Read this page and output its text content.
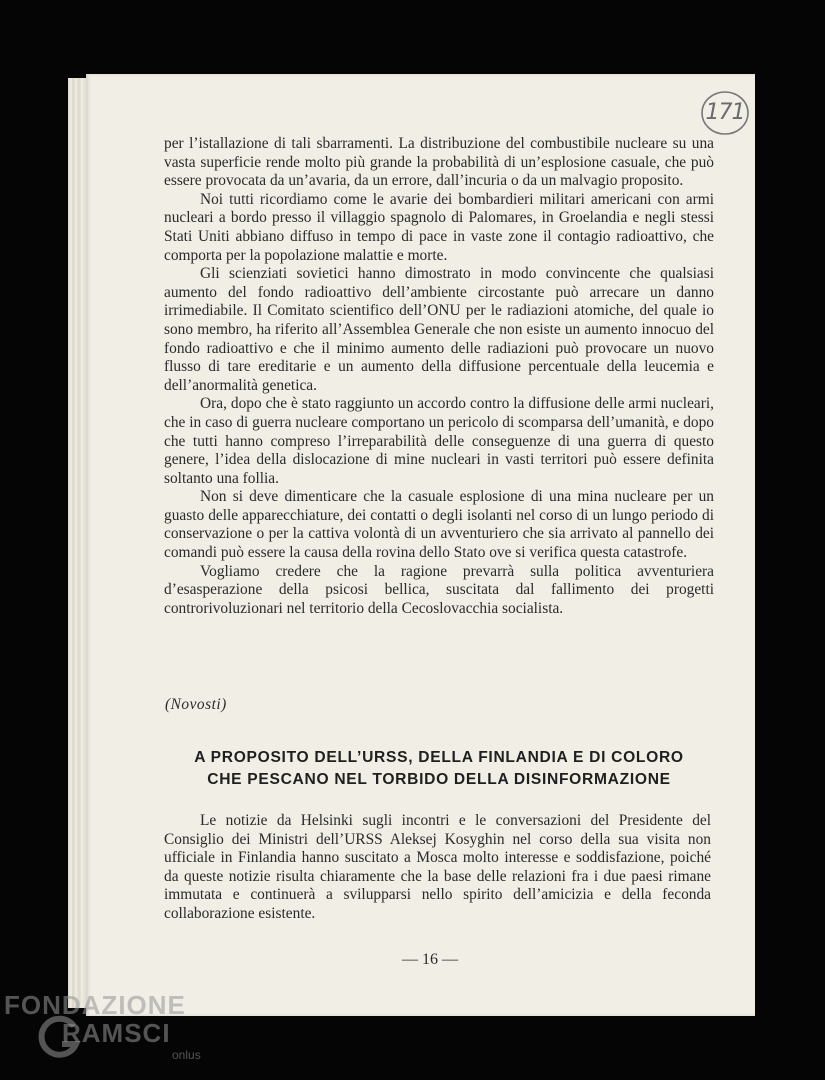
171

per l’istallazione di tali sbarramenti. La distribuzione del combustibile nucleare su una vasta superficie rende molto più grande la probabilità di un’esplosione casuale, che può essere provocata da un’avaria, da un errore, dall’incuria o da un malvagio proposito.

Noi tutti ricordiamo come le avarie dei bombardieri militari americani con armi nucleari a bordo presso il villaggio spagnolo di Palomares, in Groelandia e negli stessi Stati Uniti abbiano diffuso in tempo di pace in vaste zone il contagio radioattivo, che comporta per la popolazione malattie e morte.

Gli scienziati sovietici hanno dimostrato in modo convincente che qualsiasi aumento del fondo radioattivo dell’ambiente circostante può arrecare un danno irrimediabile. Il Comitato scientifico dell’ONU per le radiazioni atomiche, del quale io sono membro, ha riferito all’Assemblea Generale che non esiste un aumento innocuo del fondo radioattivo e che il minimo aumento delle radiazioni può provocare un nuovo flusso di tare ereditarie e un aumento della diffusione percentuale della leucemia e dell’anormalità genetica.

Ora, dopo che è stato raggiunto un accordo contro la diffusione delle armi nucleari, che in caso di guerra nucleare comportano un pericolo di scomparsa dell’umanità, e dopo che tutti hanno compreso l’irreparabilità delle conseguenze di una guerra di questo genere, l’idea della dislocazione di mine nucleari in vasti territori può essere definita soltanto una follia.

Non si deve dimenticare che la casuale esplosione di una mina nucleare per un guasto delle apparecchiature, dei contatti o degli isolanti nel corso di un lungo periodo di conservazione o per la cattiva volontà di un avventuriero che sia arrivato al pannello dei comandi può essere la causa della rovina dello Stato ove si verifica questa catastrofe.

Vogliamo credere che la ragione prevarrà sulla politica avventuriera d’esasperazione della psicosi bellica, suscitata dal fallimento dei progetti controrivoluzionari nel territorio della Cecoslovacchia socialista.

(Novosti)
A PROPOSITO DELL’URSS, DELLA FINLANDIA E DI COLORO
CHE PESCANO NEL TORBIDO DELLA DISINFORMAZIONE

Le notizie da Helsinki sugli incontri e le conversazioni del Presidente del Consiglio dei Ministri dell’URSS Aleksej Kosyghin nel corso della sua visita non ufficiale in Finlandia hanno suscitato a Mosca molto interesse e soddisfazione, poiché da queste notizie risulta chiaramente che la base delle relazioni fra i due paesi rimane immutata e continuerà a svilupparsi nello spirito dell’amicizia e della feconda collaborazione esistente.

— 16 —
FONDAZIONE
RAMSCI
onlus
